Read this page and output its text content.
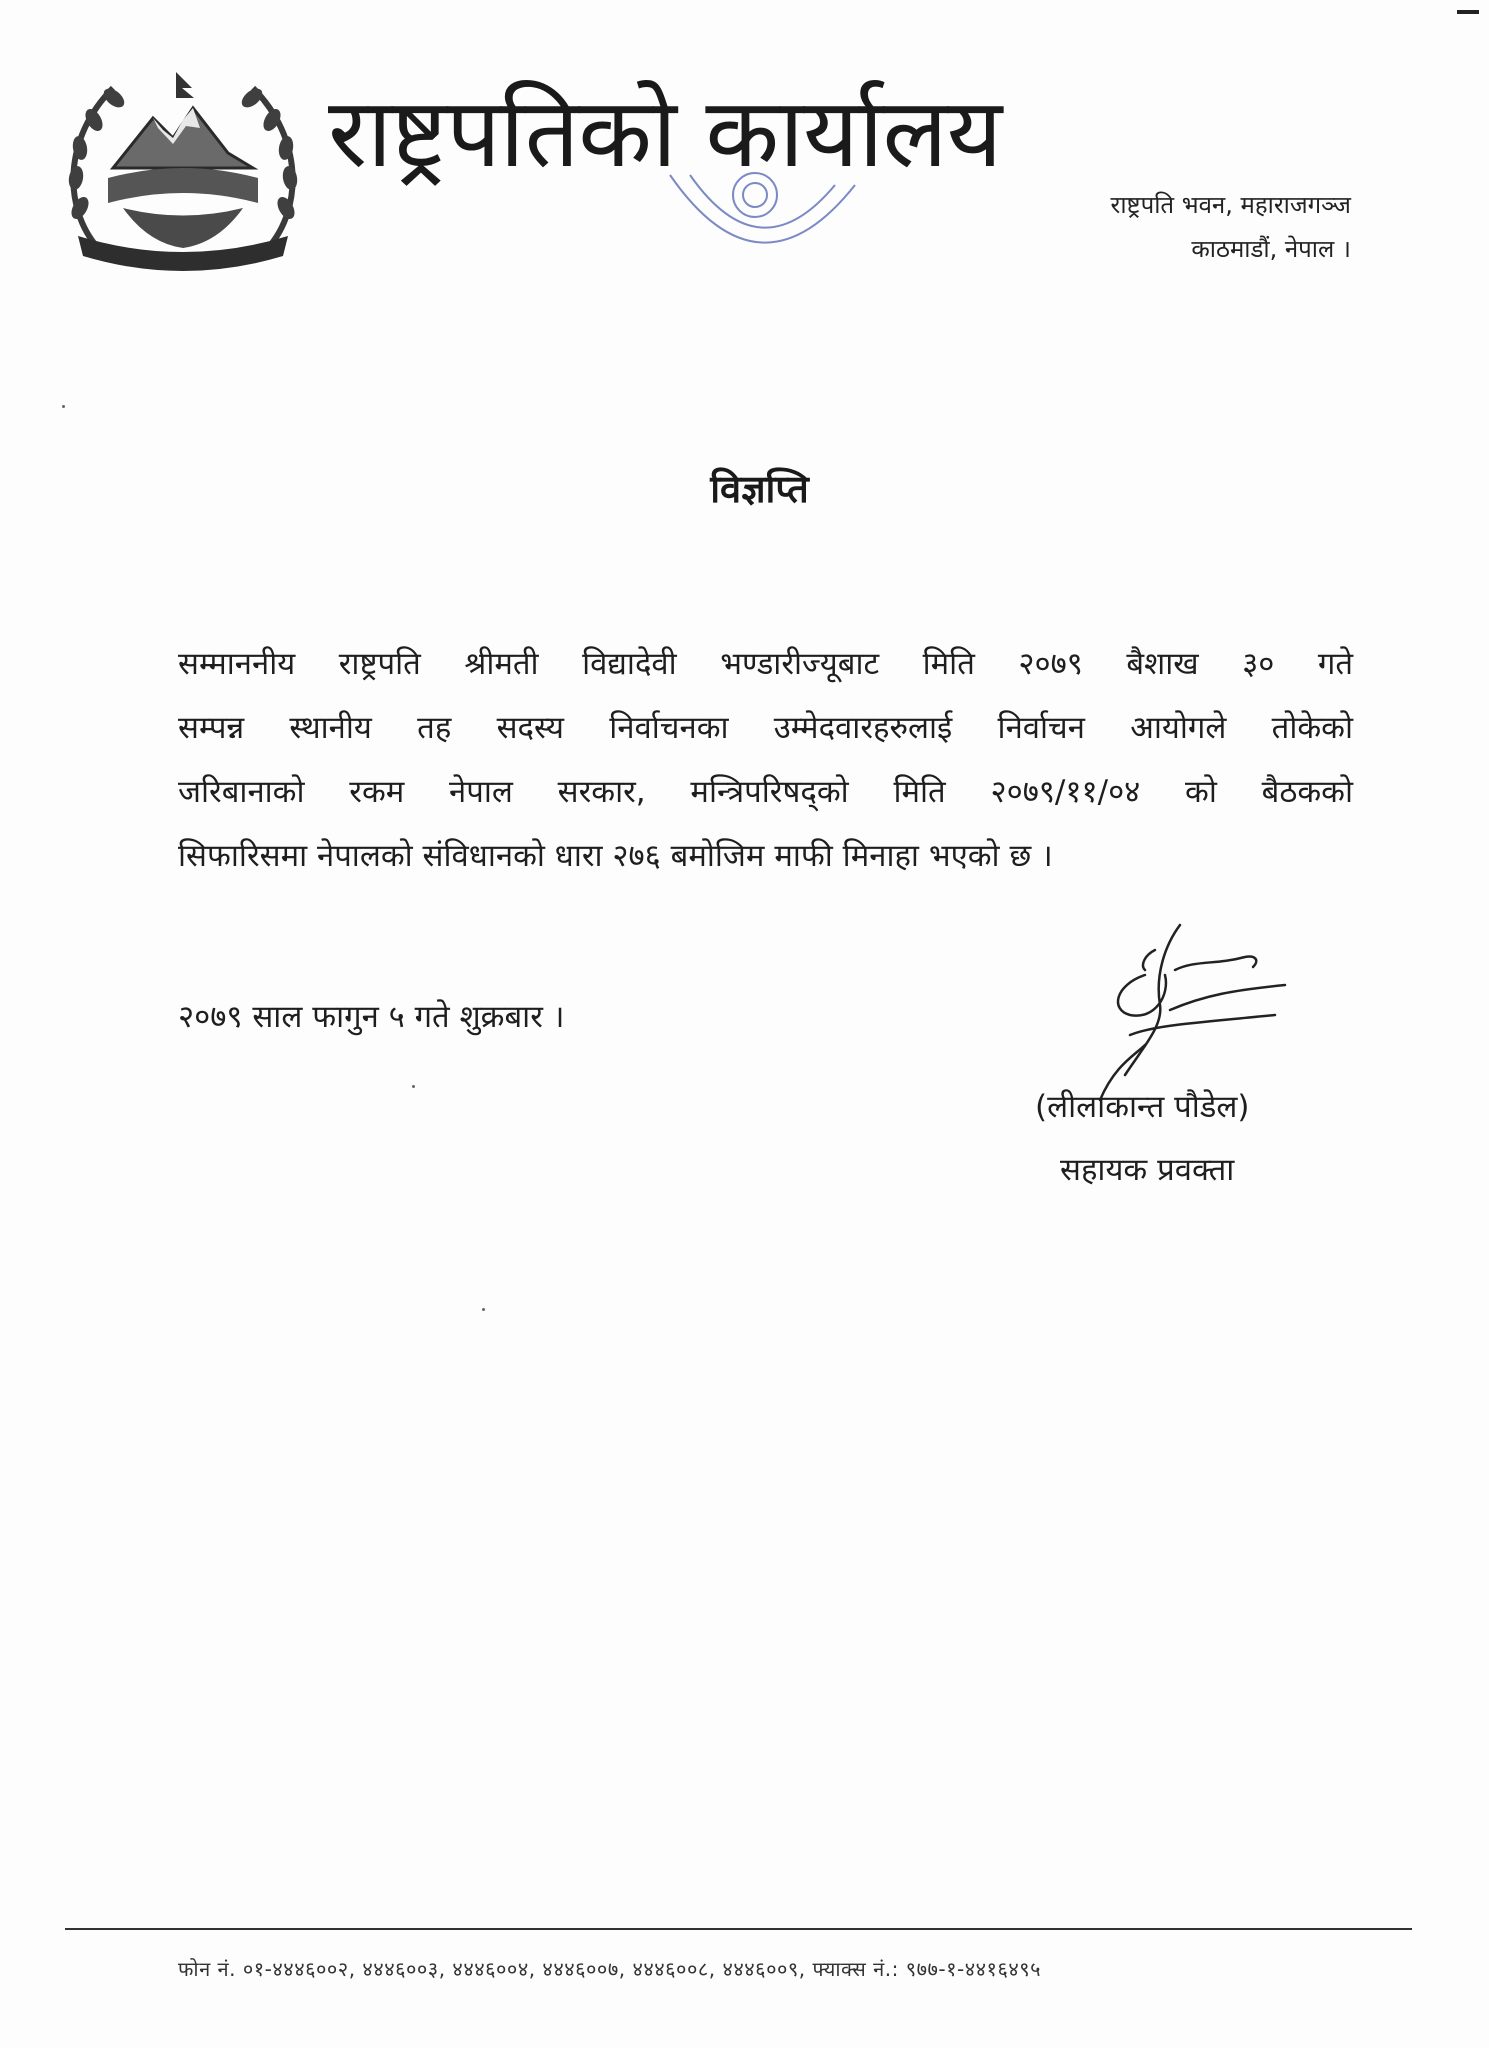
राष्ट्रपतिको कार्यालय
राष्ट्रपति भवन, महाराजगञ्ज
काठमाडौं, नेपाल ।
विज्ञप्ति
सम्माननीय राष्ट्रपति श्रीमती विद्यादेवी भण्डारीज्यूबाट मिति २०७९ बैशाख ३० गते
सम्पन्न स्थानीय तह सदस्य निर्वाचनका उम्मेदवारहरुलाई निर्वाचन आयोगले तोकेको
जरिबानाको रकम नेपाल सरकार, मन्त्रिपरिषद्को मिति २०७९/११/०४ को बैठकको
सिफारिसमा नेपालको संविधानको धारा २७६ बमोजिम माफी मिनाहा भएको छ ।
२०७९ साल फागुन ५ गते शुक्रबार ।
(लीलाकान्त पौडेल)
सहायक प्रवक्ता
फोन नं. ०१-४४४६००२, ४४४६००३, ४४४६००४, ४४४६००७, ४४४६००८, ४४४६००९, फ्याक्स नं.: ९७७-१-४४१६४९५
